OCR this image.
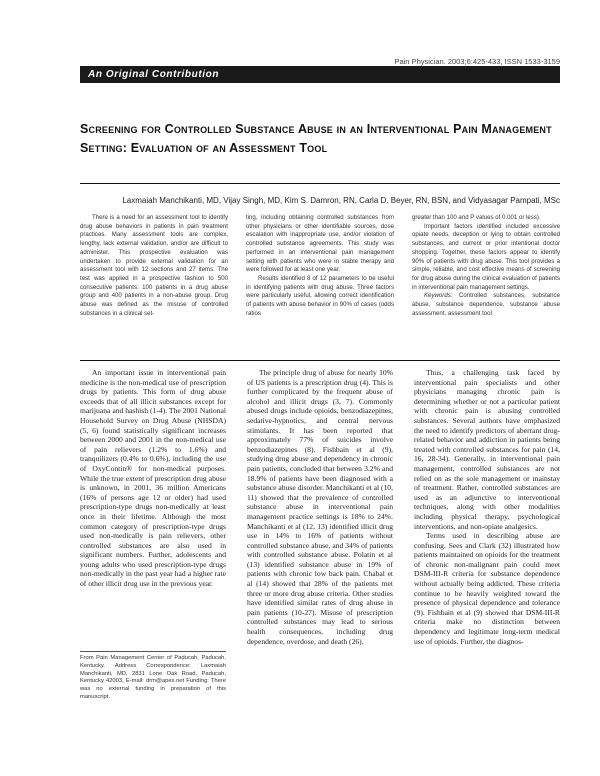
Pain Physician. 2003;6:425-433, ISSN 1533-3159
An Original Contribution
Screening for Controlled Substance Abuse in an Interventional Pain Management Setting: Evaluation of an Assessment Tool
Laxmaiah Manchikanti, MD, Vijay Singh, MD, Kim S. Damron, RN, Carla D. Beyer, RN, BSN, and Vidyasagar Pampati, MSc

There is a need for an assessment tool to identify drug abuse behaviors in patients in pain treatment practices. Many assessment tools are complex, lengthy, lack external validation, and/or are difficult to administer. This prospective evaluation was undertaken to provide external validation for an assessment tool with 12 sections and 27 items. The test was applied in a prospective fashion to 500 consecutive patients: 100 patients in a drug abuse group and 400 patients in a non-abuse group. Drug abuse was defined as the misuse of controlled substances in a clinical set-

ting, including obtaining controlled substances from other physicians or other identifiable sources, dose escalation with inappropriate use, and/or violation of controlled substance agreements. This study was performed in an interventional pain management setting with patients who were in stable therapy and were followed for at least one year.

Results identified 8 of 12 parameters to be useful in identifying patients with drug abuse. Three factors were particularly useful, allowing correct identification of patients with abuse behavior in 90% of cases (odds ratios

greater than 100 and P values of 0.001 or less).

Important factors identified included excessive opiate needs, deception or lying to obtain controlled substances, and current or prior intentional doctor shopping. Together, these factors appear to identify 90% of patients with drug abuse. This tool provides a simple, reliable, and cost effective means of screening for drug abuse during the clinical evaluation of patients in interventional pain management settings.

Keywords: Controlled substances, substance abuse, substance dependence, substance abuse assessment, assessment tool

An important issue in interventional pain medicine is the non-medical use of prescription drugs by patients. This form of drug abuse exceeds that of all illicit substances except for marijuana and hashish (1-4). The 2001 National Household Survey on Drug Abuse (NHSDA) (5, 6) found statistically significant increases between 2000 and 2001 in the non-medical use of pain relievers (1.2% to 1.6%) and tranquilizers (0.4% to 0.6%), including the use of OxyContin® for non-medical purposes. While the true extent of prescription drug abuse is unknown, in 2001, 36 million Americans (16% of persons age 12 or older) had used prescription-type drugs non-medically at least once in their lifetime. Although the most common category of prescription-type drugs used non-medically is pain relievers, other controlled substances are also used in significant numbers. Further, adolescents and young adults who used prescription-type drugs non-medically in the past year had a higher rate of other illicit drug use in the previous year.

The principle drug of abuse for nearly 10% of US patients is a prescription drug (4). This is further complicated by the frequent abuse of alcohol and illicit drugs (3, 7). Commonly abused drugs include opioids, benzodiazepines, sedative-hypnotics, and central nervous stimulants. It has been reported that approximately 77% of suicides involve benzodiazepines (8). Fishbain et al (9), studying drug abuse and dependency in chronic pain patients, concluded that between 3.2% and 18.9% of patients have been diagnosed with a substance abuse disorder. Manchikanti et al (10, 11) showed that the prevalence of controlled substance abuse in interventional pain management practice settings is 18% to 24%. Manchikanti et al (12, 13) identified illicit drug use in 14% to 16% of patients without controlled substance abuse, and 34% of patients with controlled substance abuse. Polatin et al (13) identified substance abuse in 19% of patients with chronic low back pain. Chabal et al (14) showed that 28% of the patients met three or more drug abuse criteria. Other studies have identified similar rates of drug abuse in pain patients (10-27). Misuse of prescription controlled substances may lead to serious health consequences, including drug dependence, overdose, and death (26).

Thus, a challenging task faced by interventional pain specialists and other physicians managing chronic pain is determining whether or not a particular patient with chronic pain is abusing controlled substances. Several authors have emphasized the need to identify predictors of aberrant drug-related behavior and addiction in patients being treated with controlled substances for pain (14, 16, 28-34). Generally, in interventional pain management, controlled substances are not relied on as the sole management or mainstay of treatment. Rather, controlled substances are used as an adjunctive to interventional techniques, along with other modalities including physical therapy, psychological interventions, and non-opiate analgesics.

Terms used in describing abuse are confusing. Sees and Clark (32) illustrated how patients maintained on opioids for the treatment of chronic non-malignant pain could meet DSM-III-R criteria for substance dependence without actually being addicted. These criteria continue to be heavily weighted toward the presence of physical dependence and tolerance (9). Fishbain et al (9) showed that DSM-III-R criteria make no distinction between dependency and legitimate long-term medical use of opioids. Further, the diagnos-

From Pain Management Center of Paducah, Paducah, Kentucky. Address Correspondence: Laxmaiah Manchikanti, MD, 2831 Lone Oak Road, Paducah, Kentucky 42003, E-mail: drm@apex.net Funding: There was no external funding in preparation of this manuscript.
